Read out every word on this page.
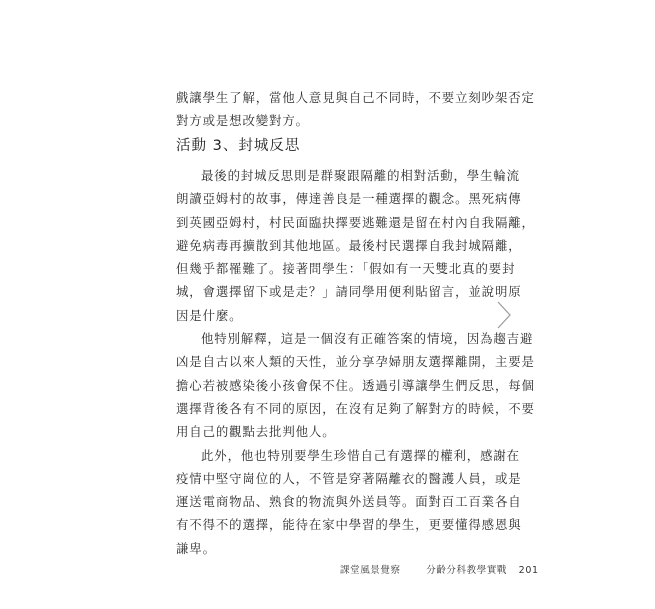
戲讓學生了解，當他人意見與自己不同時，不要立刻吵架否定
對方或是想改變對方。
活動 3、封城反思
最後的封城反思則是群聚跟隔離的相對活動，學生輪流
朗讀亞姆村的故事，傳達善良是一種選擇的觀念。黑死病傳
到英國亞姆村，村民面臨抉擇要逃難還是留在村內自我隔離，
避免病毒再擴散到其他地區。最後村民選擇自我封城隔離，
但幾乎都罹難了。接著問學生：「假如有一天雙北真的要封
城，會選擇留下或是走？」請同學用便利貼留言，並說明原
因是什麼。
他特別解釋，這是一個沒有正確答案的情境，因為趨吉避
凶是自古以來人類的天性，並分享孕婦朋友選擇離開，主要是
擔心若被感染後小孩會保不住。透過引導讓學生們反思，每個
選擇背後各有不同的原因，在沒有足夠了解對方的時候，不要
用自己的觀點去批判他人。
此外，他也特別要學生珍惜自己有選擇的權利，感謝在
疫情中堅守崗位的人，不管是穿著隔離衣的醫護人員，或是
運送電商物品、熟食的物流與外送員等。面對百工百業各自
有不得不的選擇，能待在家中學習的學生，更要懂得感恩與
謙卑。
課堂風景覺察	分齡分科教學實戰 201
